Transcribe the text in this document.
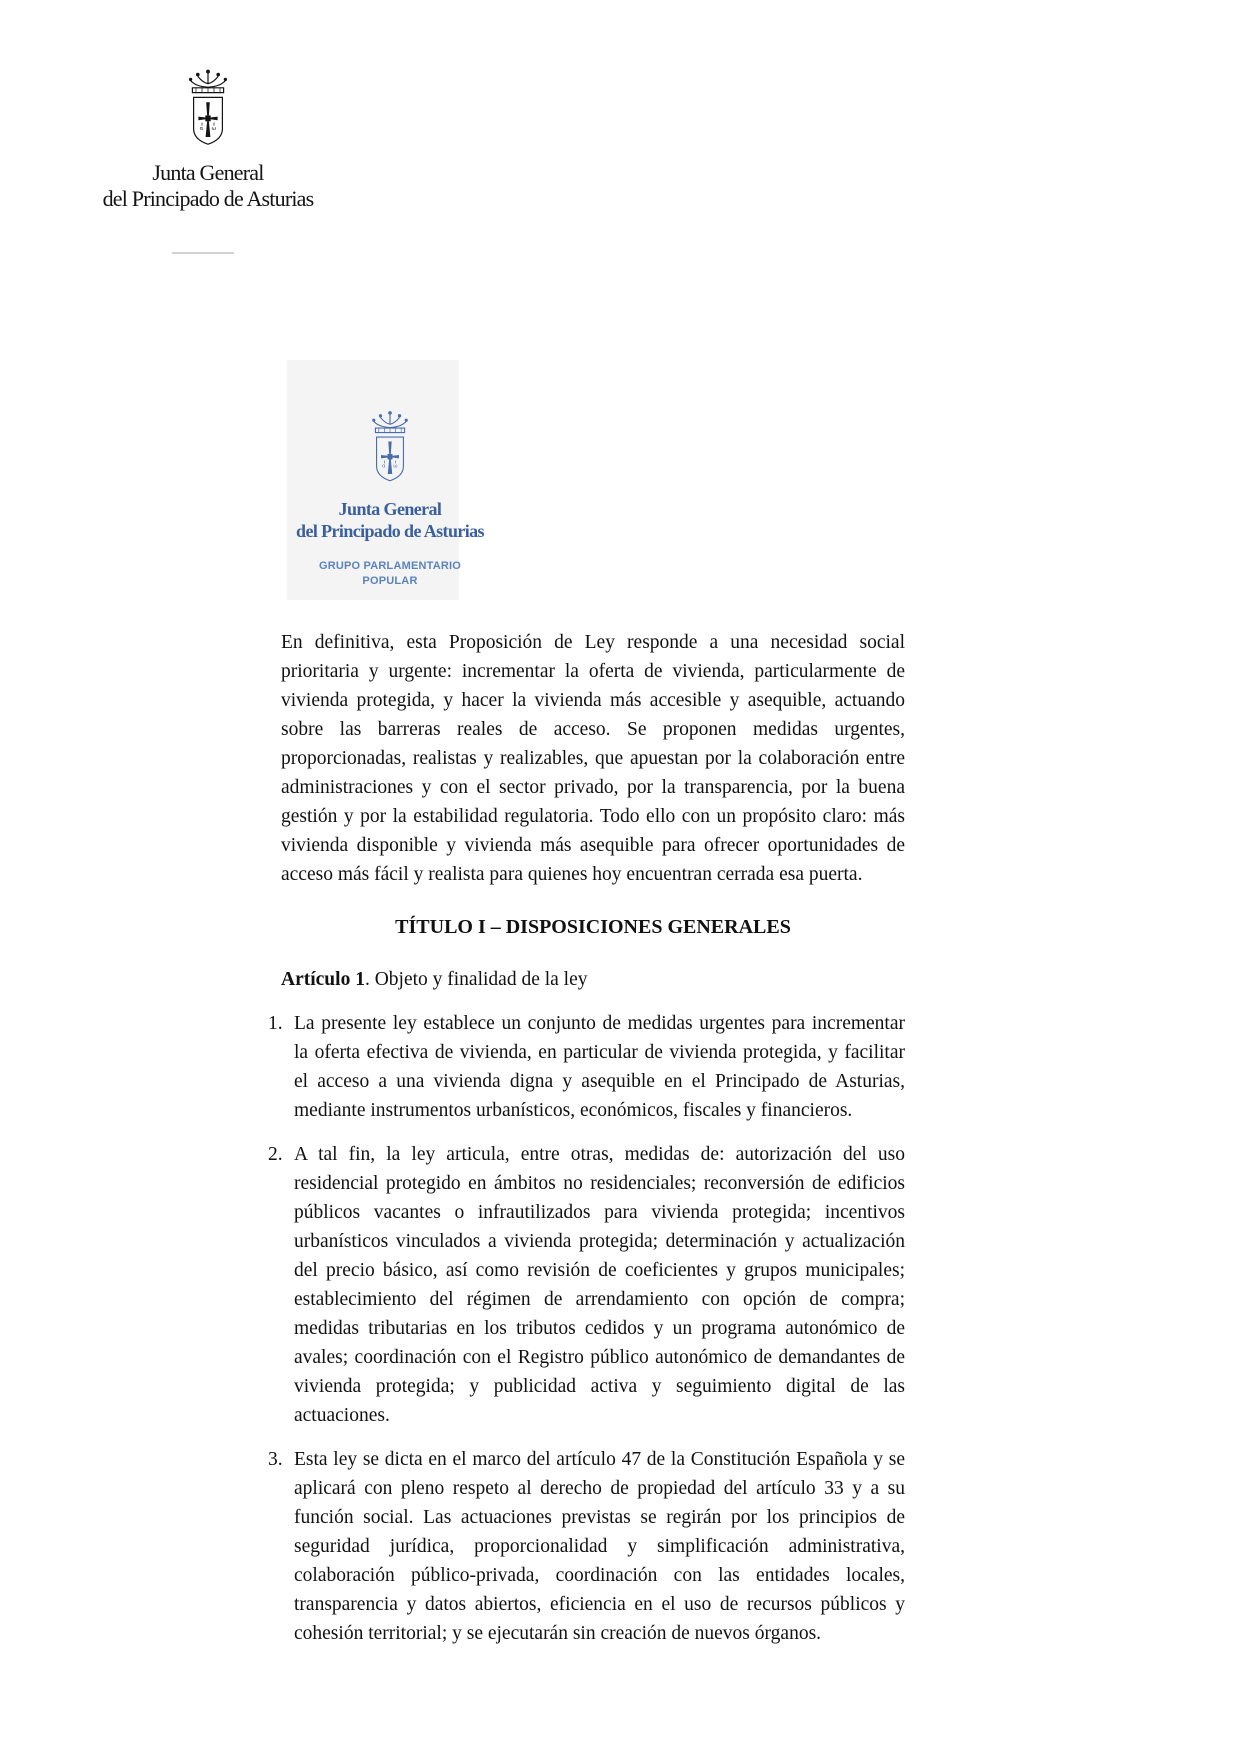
Junta General
del Principado de Asturias
Junta General
del Principado de Asturias
GRUPO PARLAMENTARIO
POPULAR

En definitiva, esta Proposición de Ley responde a una necesidad social prioritaria y urgente: incrementar la oferta de vivienda, particularmente de vivienda protegida, y hacer la vivienda más accesible y asequible, actuando sobre las barreras reales de acceso. Se proponen medidas urgentes, proporcionadas, realistas y realizables, que apuestan por la colaboración entre administraciones y con el sector privado, por la transparencia, por la buena gestión y por la estabilidad regulatoria. Todo ello con un propósito claro: más vivienda disponible y vivienda más asequible para ofrecer oportunidades de acceso más fácil y realista para quienes hoy encuentran cerrada esa puerta.

TÍTULO I – DISPOSICIONES GENERALES

Artículo 1. Objeto y finalidad de la ley

1. La presente ley establece un conjunto de medidas urgentes para incrementar la oferta efectiva de vivienda, en particular de vivienda protegida, y facilitar el acceso a una vivienda digna y asequible en el Principado de Asturias, mediante instrumentos urbanísticos, económicos, fiscales y financieros.
2. A tal fin, la ley articula, entre otras, medidas de: autorización del uso residencial protegido en ámbitos no residenciales; reconversión de edificios públicos vacantes o infrautilizados para vivienda protegida; incentivos urbanísticos vinculados a vivienda protegida; determinación y actualización del precio básico, así como revisión de coeficientes y grupos municipales; establecimiento del régimen de arrendamiento con opción de compra; medidas tributarias en los tributos cedidos y un programa autonómico de avales; coordinación con el Registro público autonómico de demandantes de vivienda protegida; y publicidad activa y seguimiento digital de las actuaciones.
3. Esta ley se dicta en el marco del artículo 47 de la Constitución Española y se aplicará con pleno respeto al derecho de propiedad del artículo 33 y a su función social. Las actuaciones previstas se regirán por los principios de seguridad jurídica, proporcionalidad y simplificación administrativa, colaboración público-privada, coordinación con las entidades locales, transparencia y datos abiertos, eficiencia en el uso de recursos públicos y cohesión territorial; y se ejecutarán sin creación de nuevos órganos.
